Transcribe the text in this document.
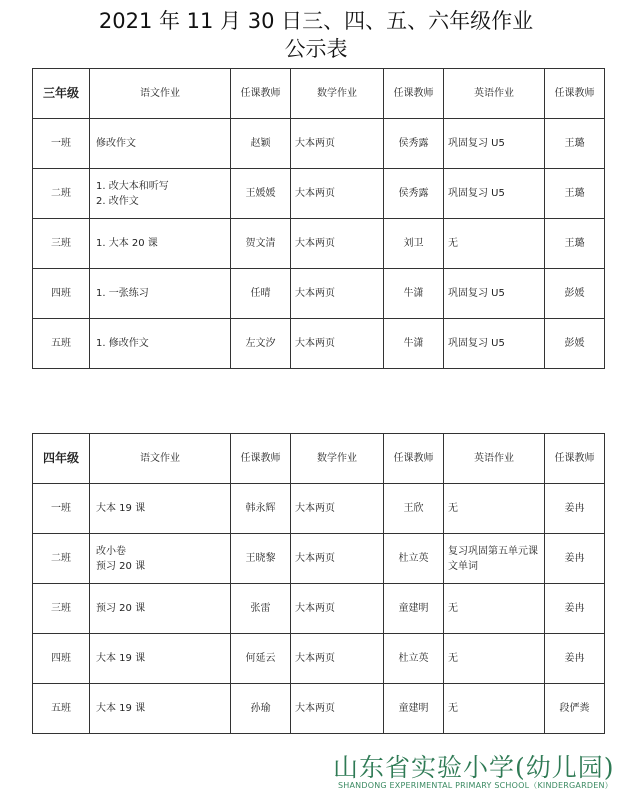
2021 年 11 月 30 日三、四、五、六年级作业
公示表
三年级	语文作业	任课教师	数学作业	任课教师	英语作业	任课教师
一班	修改作文	赵颖	大本两页	侯秀露	巩固复习 U5	王璐
二班	1. 改大本和听写
2. 改作文	王媛媛	大本两页	侯秀露	巩固复习 U5	王璐
三班	1. 大本 20 课	贺文清	大本两页	刘卫	无	王璐
四班	1. 一张练习	任晴	大本两页	牛潇	巩固复习 U5	彭媛
五班	1. 修改作文	左文汐	大本两页	牛潇	巩固复习 U5	彭媛
四年级	语文作业	任课教师	数学作业	任课教师	英语作业	任课教师
一班	大本 19 课	韩永辉	大本两页	王欣	无	姜冉
二班	改小卷
预习 20 课	王晓黎	大本两页	杜立英	复习巩固第五单元课文单词	姜冉
三班	预习 20 课	张雷	大本两页	童建明	无	姜冉
四班	大本 19 课	何延云	大本两页	杜立英	无	姜冉
五班	大本 19 课	孙瑜	大本两页	童建明	无	段俨粪
山东省实验小学(幼儿园)
SHANDONG EXPERIMENTAL PRIMARY SCHOOL（KINDERGARDEN）
